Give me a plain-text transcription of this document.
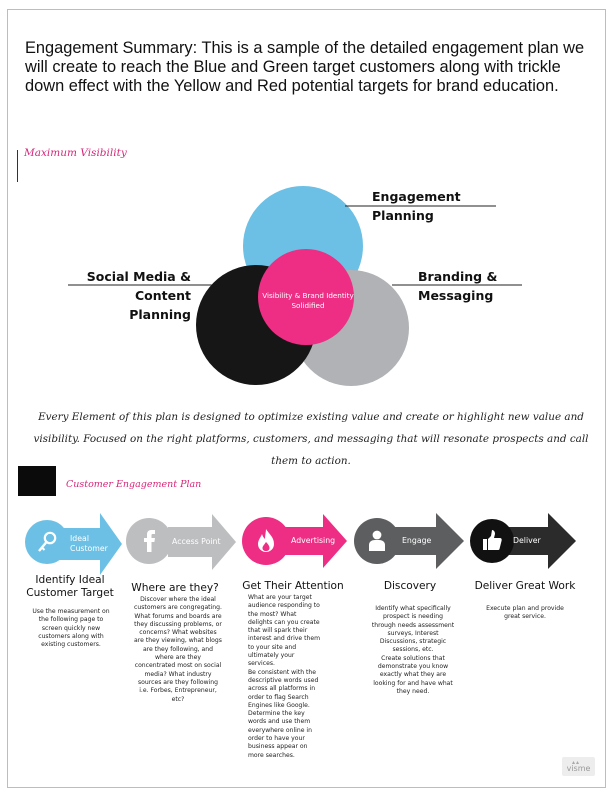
Engagement Summary: This is a sample of the detailed engagement plan we will create to reach the Blue and Green target customers along with trickle down effect with the Yellow and Red potential targets for brand education.

Maximum Visibility
Engagement
Planning
Social Media &
Content Planning
Branding &
Messaging
Visibility & Brand Identity
Solidified
Every Element of this plan is designed to optimize existing value and create or highlight new value and visibility. Focused on the right platforms, customers, and messaging that will resonate prospects and call them to action.
Customer Engagement Plan
Ideal
Customer
Access Point	Advertising	Engage	Deliver
Identify Ideal
Customer Target	Where are they?	Get Their Attention	Discovery	Deliver Great Work
Use the measurement on
the following page to
screen quickly new
customers along with
existing customers.
Discover where the ideal
customers are congregating.
What forums and boards are
they discussing problems, or
concerns? What websites
are they viewing, what blogs
are they following, and
where are they
concentrated most on social
media? What industry
sources are they following
i.e. Forbes, Entrepreneur,
etc?
What are your target
audience responding to
the most? What
delights can you create
that will spark their
interest and drive them
to your site and
ultimately your
services.
Be consistent with the
descriptive words used
across all platforms in
order to flag Search
Engines like Google.
Determine the key
words and use them
everywhere online in
order to have your
business appear on
more searches.
Identify what specifically
prospect is needing
through needs assessment
surveys, Interest
Discussions, strategic
sessions, etc.
Create solutions that
demonstrate you know
exactly what they are
looking for and have what
they need.
Execute plan and provide
great service.
▴▴
visme
